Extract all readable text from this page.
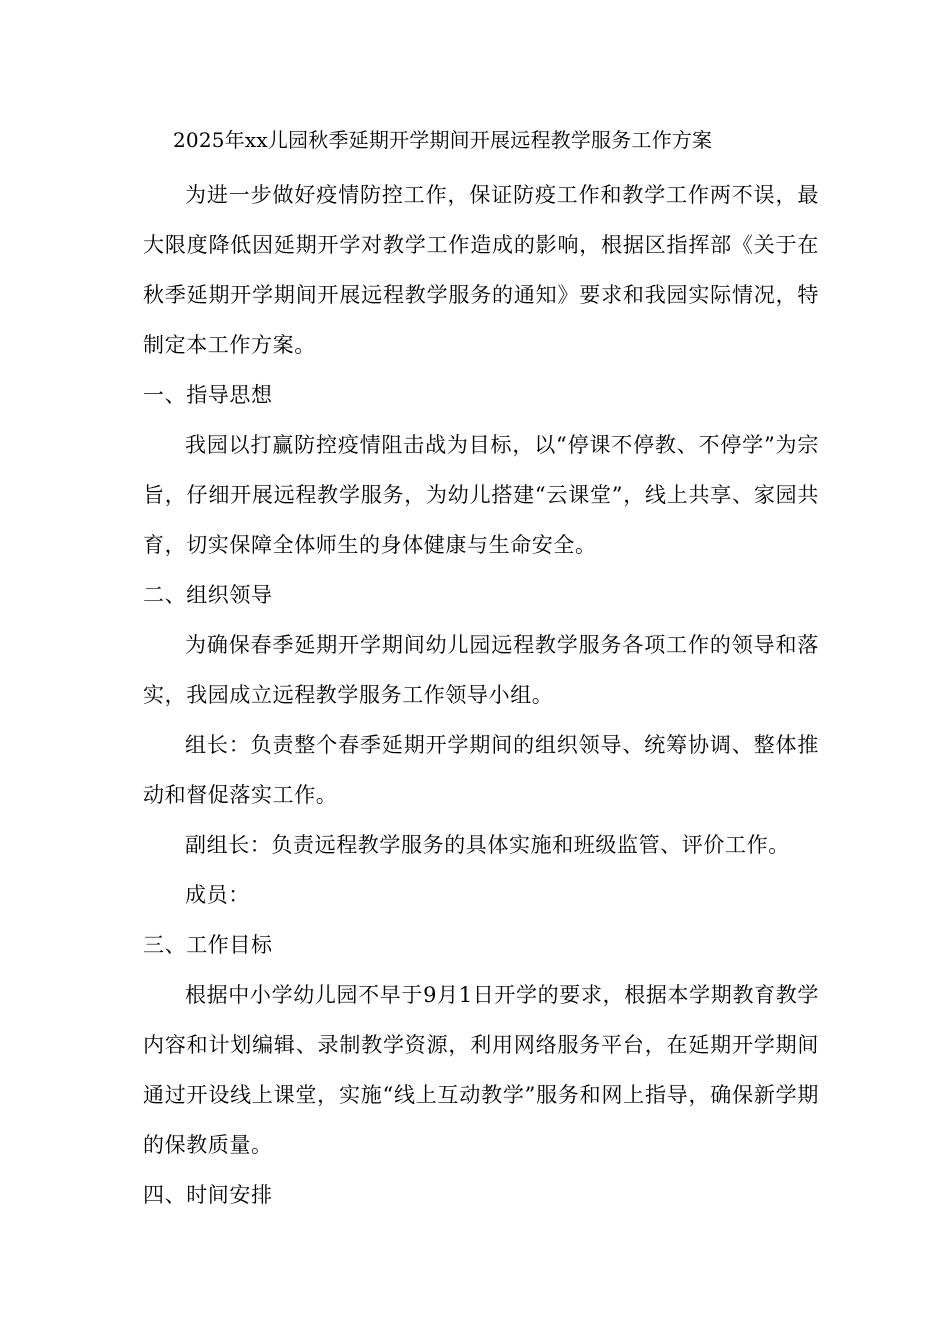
2025年xx儿园秋季延期开学期间开展远程教学服务工作方案

为进一步做好疫情防控工作，保证防疫工作和教学工作两不误，最大限度降低因延期开学对教学工作造成的影响，根据区指挥部《关于在秋季延期开学期间开展远程教学服务的通知》要求和我园实际情况，特制定本工作方案。

一、指导思想

我园以打赢防控疫情阻击战为目标，以“停课不停教、不停学”为宗旨，仔细开展远程教学服务，为幼儿搭建“云课堂”，线上共享、家园共育，切实保障全体师生的身体健康与生命安全。

二、组织领导

为确保春季延期开学期间幼儿园远程教学服务各项工作的领导和落实，我园成立远程教学服务工作领导小组。

组长：负责整个春季延期开学期间的组织领导、统筹协调、整体推动和督促落实工作。

副组长：负责远程教学服务的具体实施和班级监管、评价工作。

成员：

三、工作目标

根据中小学幼儿园不早于9月1日开学的要求，根据本学期教育教学内容和计划编辑、录制教学资源，利用网络服务平台，在延期开学期间通过开设线上课堂，实施“线上互动教学”服务和网上指导，确保新学期的保教质量。

四、时间安排
